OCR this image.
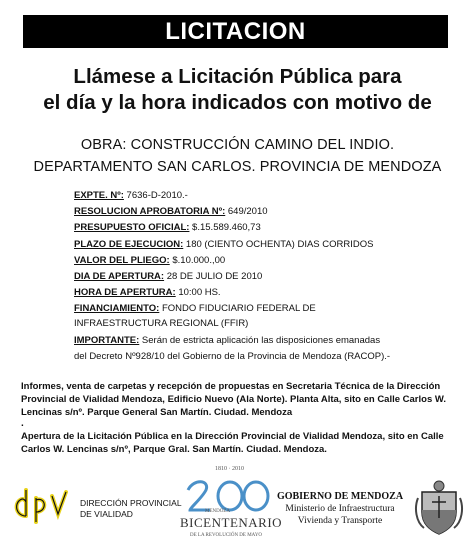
LICITACION
Llámese a Licitación Pública para
el día y la hora indicados con motivo de
OBRA: CONSTRUCCIÓN CAMINO DEL INDIO.
DEPARTAMENTO SAN CARLOS. PROVINCIA DE MENDOZA
EXPTE. Nº: 7636-D-2010.-
RESOLUCION APROBATORIA Nº: 649/2010
PRESUPUESTO OFICIAL: $.15.589.460,73
PLAZO DE EJECUCION: 180 (CIENTO OCHENTA) DIAS CORRIDOS
VALOR DEL PLIEGO: $.10.000.,00
DIA DE APERTURA: 28 DE JULIO DE 2010
HORA DE APERTURA: 10:00 HS.
FINANCIAMIENTO: FONDO FIDUCIARIO FEDERAL DE
INFRAESTRUCTURA REGIONAL (FFIR)
IMPORTANTE: Serán de estricta aplicación las disposiciones emanadas
del Decreto Nº928/10 del Gobierno de la Provincia de Mendoza (RACOP).-
Informes, venta de carpetas y recepción de propuestas en Secretaria Técnica de la Dirección Provincial de Vialidad Mendoza, Edificio Nuevo (Ala Norte). Planta Alta, sito en Calle Carlos W. Lencinas s/nº. Parque General San Martín. Ciudad. Mendoza
.
Apertura de la Licitación Pública en la Dirección Provincial de Vialidad Mendoza, sito en Calle Carlos W. Lencinas s/nº, Parque Gral. San Martín. Ciudad. Mendoza.
DIRECCIÓN PROVINCIAL
DE VIALIDAD
1810 · 2010
MENDOZA
BICENTENARIO
DE LA REVOLUCIÓN DE MAYO
GOBIERNO DE MENDOZA
Ministerio de Infraestructura
Vivienda y Transporte
